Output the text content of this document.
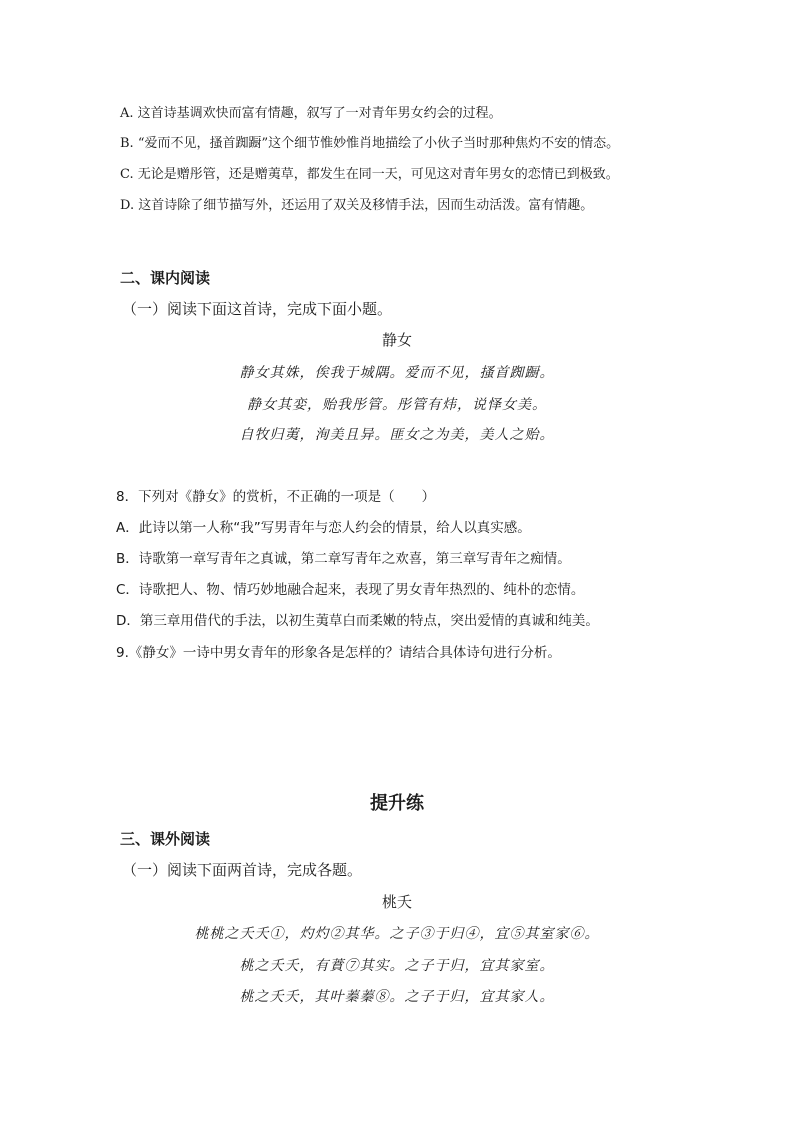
A. 这首诗基调欢快而富有情趣，叙写了一对青年男女约会的过程。
B. “爱而不见，搔首踟蹰”这个细节惟妙惟肖地描绘了小伙子当时那种焦灼不安的情态。
C. 无论是赠彤管，还是赠荑草，都发生在同一天，可见这对青年男女的恋情已到极致。
D. 这首诗除了细节描写外，还运用了双关及移情手法，因而生动活泼。富有情趣。
二、课内阅读
（一）阅读下面这首诗，完成下面小题。
静女
静女其姝，俟我于城隅。爱而不见，搔首踟蹰。
静女其娈，贻我彤管。彤管有炜，说怿女美。
自牧归荑，洵美且异。匪女之为美，美人之贻。
8．下列对《静女》的赏析，不正确的一项是（　　）
A．此诗以第一人称“我”写男青年与恋人约会的情景，给人以真实感。
B．诗歌第一章写青年之真诚，第二章写青年之欢喜，第三章写青年之痴情。
C．诗歌把人、物、情巧妙地融合起来，表现了男女青年热烈的、纯朴的恋情。
D．第三章用借代的手法，以初生荑草白而柔嫩的特点，突出爱情的真诚和纯美。
9.《静女》一诗中男女青年的形象各是怎样的？请结合具体诗句进行分析。
提升练
三、课外阅读
（一）阅读下面两首诗，完成各题。
桃夭
桃桃之夭夭①，灼灼②其华。之子③于归④，宜⑤其室家⑥。
桃之夭夭，有蕡⑦其实。之子于归，宜其家室。
桃之夭夭，其叶蓁蓁⑧。之子于归，宜其家人。
